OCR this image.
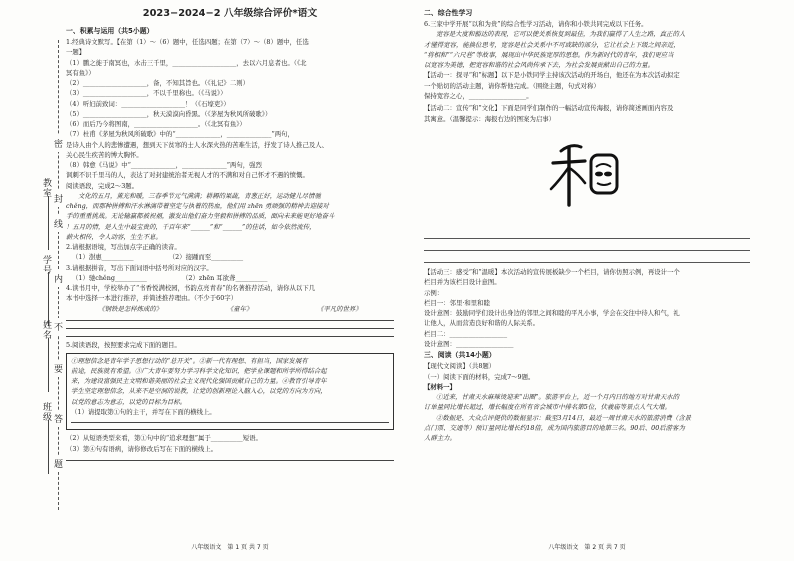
密
封
线
内
不
要
答
题
教室
学号
姓名
班级
2023−2024−2 八年级综合评价*语文
一、积累与运用（共5小题）

1.经典诗文默写。【在第（1）～（6）题中，任选四题；在第（7）～（8）题中，任选

一题】

（1）鹏之徙于南冥也，水击三千里，____________________，去以六月息者也。（《北

冥有鱼》）

（2）____________________，备，不知其旨也。（《礼记》二则）

（3）____________________，不以千里称也。（《马说》）

（4）听妇前致词：____________________！（《石壕吏》）

（5）____________________，秋天漠漠向昏黑。（《茅屋为秋风所破歌》）

（6）而后乃今将图南，____________________。（《北冥有鱼》）

（7）杜甫《茅屋为秋风所破歌》中的“______________，______________”两句，

是诗人由个人的悲惨遭遇，想到天下贫寒的士人水深火热的苦难生活，抒发了诗人推己及人、

关心民生疾苦的博大胸怀。

（8）韩愈《马说》中“______________，______________”两句，强烈

讽刺不识千里马的人，表达了对封建统治者无视人才的不满和对自己怀才不遇的愤慨。

阅读语段，完成2～3题。

文化的五月，薰光和暖，三春季节元气满满；耕耨的果蔬，青葱正好，运动健儿尽情驰

chěng，而那种拼搏和汗水淋漓带着坚定与执着的热血，他们用 zhēn 勇顽强的精神去迎接对

手的重重挑战。无论输赢都被祝福，激发出他们奋力坚毅和拼搏的品质，面向未来能更好地奋斗

！五月的情，是人生中最宝贵的，千百年来“______”和“______”的佳话，如今依然流传，

薪火相传，令人动容，生生不息。

2.请根据语境，写出加点字正确的读音。

（1）澍惠__________　　　　　　	（2）接踵而至__________

3.请根据拼音，写出下面词语中括号所对应的汉字。

（1）驰chěng__________　　　　　　	（2）zhēn 耳欲聋__________

4.读书月中，学校举办了“书香悦满校园，书韵点亮青春”的名著推荐活动，请你从以下几

本书中选择一本进行推荐，并简述推荐理由。（不少于60字）

《钢铁是怎样炼成的》	《童年》	《平凡的世界》

5.阅读语段，按照要求完成下面的题目。

①理想信念是青年学子思想行动的“总开关”。②新一代有理想、有担当，国家发展有

前途，民族就有希望。③广大青年要努力学习科学文化知识，把学业课题和所学所得结合起

来，为建设富强民主文明和谐美丽的社会主义现代化强国贡献自己的力量。④教育引导青年

学生坚定理想信念，从来不是空洞的说教，让党的创新理论入脑入心，以党的方向为方向，

以党的意志为意志，以党的目标为目标。

（1）请提取第①句的主干，并写在下面的横线上。

（2）从短语类型来看，第①句中的“追求理想”属于__________短语。

（3）第④句有语病，请你修改后写在下面的横线上。

八年级语文　第 1 页 共 7 页
二、综合性学习

6.三家中学开展“以和为贵”的综合性学习活动，请你和小铁共同完成以下任务。

宽容是大度和豁达的表现，它可以使关系恢复到最佳，为我们赢得了人生之路，真正的人

才懂得宽容，能换位思考，宽容是社会关系中不可或缺的部分，它让社会上下级之间亲近，

“将相和”“六尺巷”等故事，展现出中华民族宽厚的思想。作为新时代的青年，我们更应当

以宽容为美德，把宽容和谐的社会风尚传承下去，为社会发展贡献出自己的力量。

【活动一：探寻“和”标题】以下是小铁同学主持该次活动的开场白，他还在为本次活动拟定

一个贴切的活动主题，请你帮他完成。（围绕主题，句式对称）

保持宽容之心，__________________。

【活动二：宣传“和”文化】下面是同学们制作的一幅活动宣传海报，请你简述画面内容及

其寓意。（温馨提示：海报右边的图案为启事）

【活动三：感受“和”温暖】本次活动的宣传展板缺少一个栏目，请你仿照示例，再设计一个

栏目并为该栏目设计意图。

示例：

栏目一：邻里·和里和睦

设计意图：鼓励同学们设计出身边的邻里之间和睦的平凡小事，学会在交往中待人和气，礼

让他人，从而营造良好和谐的人际关系。

栏目二：__________________

设计意图：__________________

三、阅读（共14小题）

【现代文阅读】（共8题）

（一）阅读下面的材料，完成7～9题。

【材料一】

①近来，甘肃天水麻辣烫迎来“出圈”。旅游平台上，近一个月内日的地方对甘肃天水的

订单量同比增长超过，增长幅度在所有省会城市中排名第5位，伏羲庙等景点人气大增。

②数据是、大众点评提供的数据显示：截至3月14日，最近一周甘肃天水的旅游消费（含景

点门票、交通等）预订量同比增长约18倍，成为国内旅游目的地第三名。90后、00后游客为

人群主力。

八年级语文　第 2 页 共 7 页
